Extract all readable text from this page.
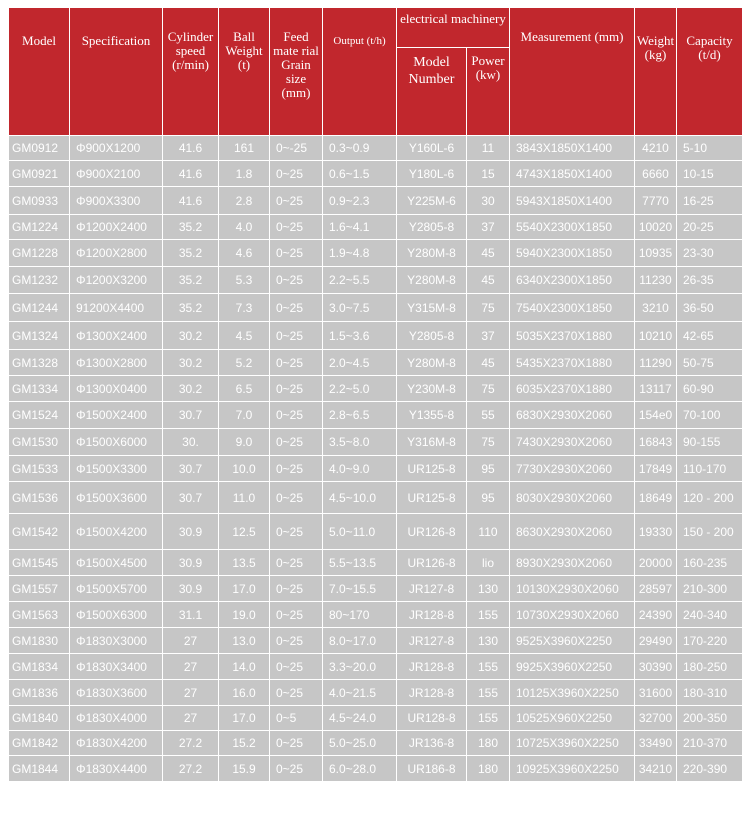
Model	Specification	Cylinder speed (r/min)	Ball Weight (t)	Feed mate rial Grain size (mm)	Output (t/h)	electrical machinery		Measurement (mm)	Weight (kg)	Capacity (t/d)
						Model Number	Power (kw)			
GM0912	Φ900X1200	41.6	161	0~-25	0.3~0.9	Y160L-6	11	3843X1850X1400	4210	5-10
GM0921	Φ900X2100	41.6	1.8	0~25	0.6~1.5	Y180L-6	15	4743X1850X1400	6660	10-15
GM0933	Φ900X3300	41.6	2.8	0~25	0.9~2.3	Y225M-6	30	5943X1850X1400	7770	16-25
GM1224	Φ1200X2400	35.2	4.0	0~25	1.6~4.1	Y2805-8	37	5540X2300X1850	10020	20-25
GM1228	Φ1200X2800	35.2	4.6	0~25	1.9~4.8	Y280M-8	45	5940X2300X1850	10935	23-30
GM1232	Φ1200X3200	35.2	5.3	0~25	2.2~5.5	Y280M-8	45	6340X2300X1850	11230	26-35
GM1244	91200X4400	35.2	7.3	0~25	3.0~7.5	Y315M-8	75	7540X2300X1850	3210	36-50
GM1324	Φ1300X2400	30.2	4.5	0~25	1.5~3.6	Y2805-8	37	5035X2370X1880	10210	42-65
GM1328	Φ1300X2800	30.2	5.2	0~25	2.0~4.5	Y280M-8	45	5435X2370X1880	11290	50-75
GM1334	Φ1300X0400	30.2	6.5	0~25	2.2~5.0	Y230M-8	75	6035X2370X1880	13117	60-90
GM1524	Φ1500X2400	30.7	7.0	0~25	2.8~6.5	Y1355-8	55	6830X2930X2060	154e0	70-100
GM1530	Φ1500X6000	30.	9.0	0~25	3.5~8.0	Y316M-8	75	7430X2930X2060	16843	90-155
GM1533	Φ1500X3300	30.7	10.0	0~25	4.0~9.0	UR125-8	95	7730X2930X2060	17849	110-170
GM1536	Φ1500X3600	30.7	11.0	0~25	4.5~10.0	UR125-8	95	8030X2930X2060	18649	120 - 200
GM1542	Φ1500X4200	30.9	12.5	0~25	5.0~11.0	UR126-8	110	8630X2930X2060	19330	150 - 200
GM1545	Φ1500X4500	30.9	13.5	0~25	5.5~13.5	UR126-8	lio	8930X2930X2060	20000	160-235
GM1557	Φ1500X5700	30.9	17.0	0~25	7.0~15.5	JR127-8	130	10130X2930X2060	28597	210-300
GM1563	Φ1500X6300	31.1	19.0	0~25	80~170	JR128-8	155	10730X2930X2060	24390	240-340
GM1830	Φ1830X3000	27	13.0	0~25	8.0~17.0	JR127-8	130	9525X3960X2250	29490	170-220
GM1834	Φ1830X3400	27	14.0	0~25	3.3~20.0	JR128-8	155	9925X3960X2250	30390	180-250
GM1836	Φ1830X3600	27	16.0	0~25	4.0~21.5	JR128-8	155	10125X3960X2250	31600	180-310
GM1840	Φ1830X4000	27	17.0	0~5	4.5~24.0	UR128-8	155	10525X960X2250	32700	200-350
GM1842	Φ1830X4200	27.2	15.2	0~25	5.0~25.0	JR136-8	180	10725X3960X2250	33490	210-370
GM1844	Φ1830X4400	27.2	15.9	0~25	6.0~28.0	UR186-8	180	10925X3960X2250	34210	220-390
